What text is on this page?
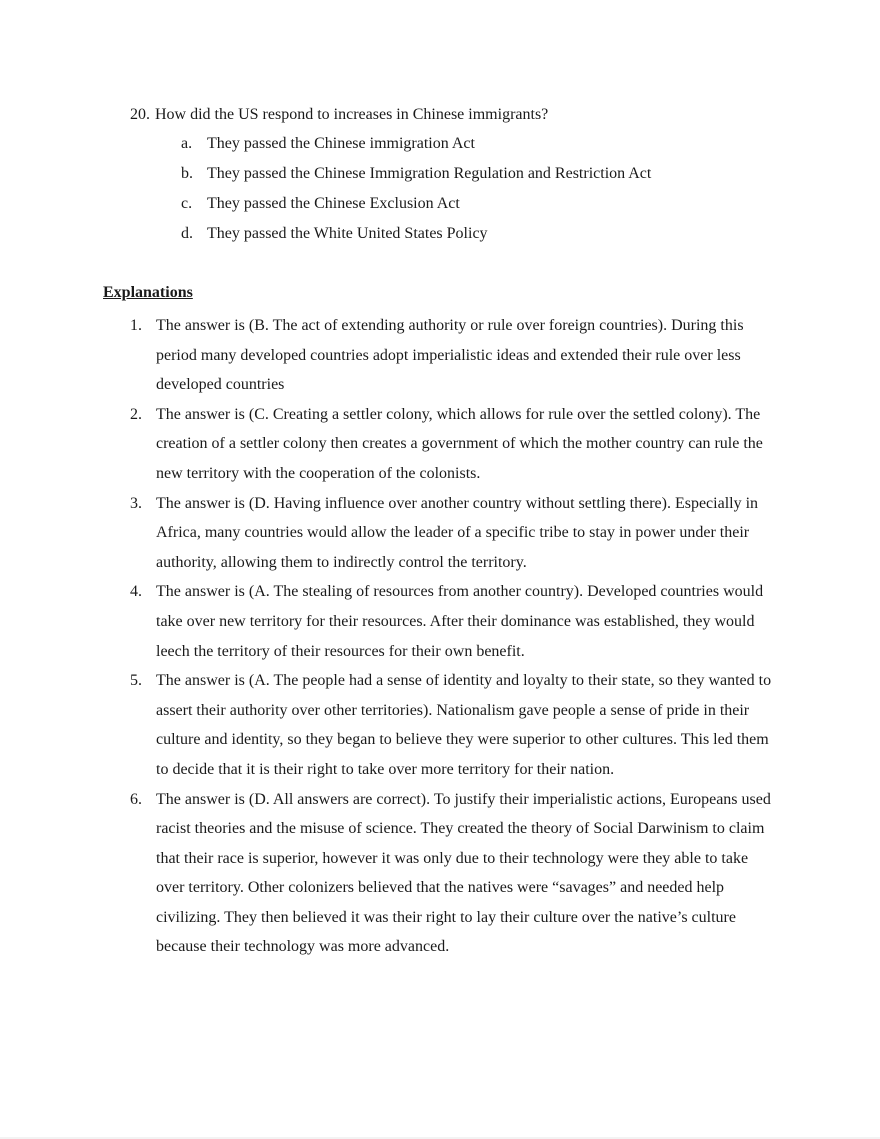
20. How did the US respond to increases in Chinese immigrants?
a. They passed the Chinese immigration Act
b. They passed the Chinese Immigration Regulation and Restriction Act
c. They passed the Chinese Exclusion Act
d. They passed the White United States Policy
Explanations
1. The answer is (B. The act of extending authority or rule over foreign countries). During this period many developed countries adopt imperialistic ideas and extended their rule over less developed countries
2. The answer is (C. Creating a settler colony, which allows for rule over the settled colony). The creation of a settler colony then creates a government of which the mother country can rule the new territory with the cooperation of the colonists.
3. The answer is (D. Having influence over another country without settling there). Especially in Africa, many countries would allow the leader of a specific tribe to stay in power under their authority, allowing them to indirectly control the territory.
4. The answer is (A. The stealing of resources from another country). Developed countries would take over new territory for their resources. After their dominance was established, they would leech the territory of their resources for their own benefit.
5. The answer is (A. The people had a sense of identity and loyalty to their state, so they wanted to assert their authority over other territories). Nationalism gave people a sense of pride in their culture and identity, so they began to believe they were superior to other cultures. This led them to decide that it is their right to take over more territory for their nation.
6. The answer is (D. All answers are correct). To justify their imperialistic actions, Europeans used racist theories and the misuse of science. They created the theory of Social Darwinism to claim that their race is superior, however it was only due to their technology were they able to take over territory. Other colonizers believed that the natives were “savages” and needed help civilizing. They then believed it was their right to lay their culture over the native’s culture because their technology was more advanced.
